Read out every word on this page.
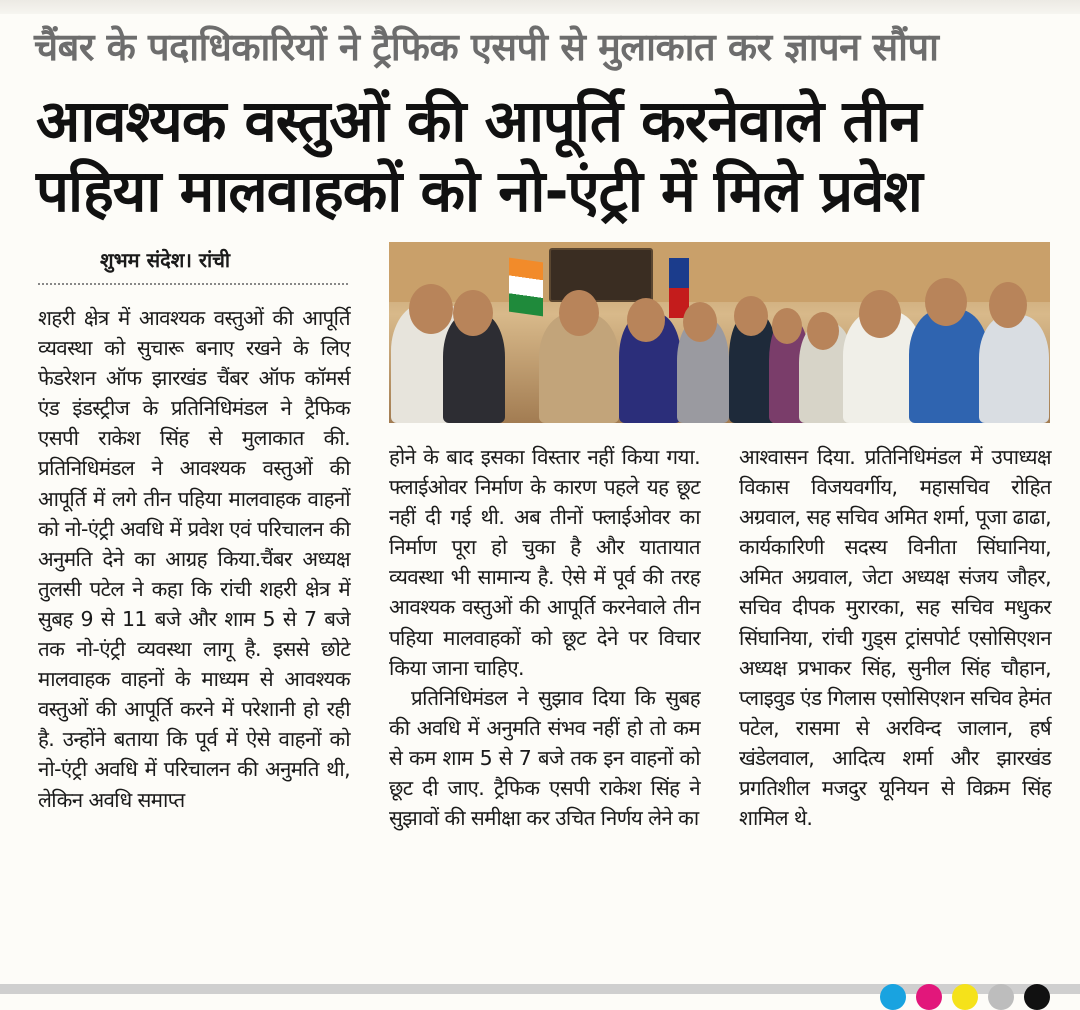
चैंबर के पदाधिकारियों ने ट्रैफिक एसपी से मुलाकात कर ज्ञापन सौंपा
आवश्यक वस्तुओं की आपूर्ति करनेवाले तीन
पहिया मालवाहकों को नो-एंट्री में मिले प्रवेश
शुभम संदेश। रांची

शहरी क्षेत्र में आवश्यक वस्तुओं की आपूर्ति व्यवस्था को सुचारू बनाए रखने के लिए फेडरेशन ऑफ झारखंड चैंबर ऑफ कॉमर्स एंड इंडस्ट्रीज के प्रतिनिधिमंडल ने ट्रैफिक एसपी राकेश सिंह से मुलाकात की. प्रतिनिधिमंडल ने आवश्यक वस्तुओं की आपूर्ति में लगे तीन पहिया मालवाहक वाहनों को नो-एंट्री अवधि में प्रवेश एवं परिचालन की अनुमति देने का आग्रह किया.चैंबर अध्यक्ष तुलसी पटेल ने कहा कि रांची शहरी क्षेत्र में सुबह 9 से 11 बजे और शाम 5 से 7 बजे तक नो-एंट्री व्यवस्था लागू है. इससे छोटे मालवाहक वाहनों के माध्यम से आवश्यक वस्तुओं की आपूर्ति करने में परेशानी हो रही है. उन्होंने बताया कि पूर्व में ऐसे वाहनों को नो-एंट्री अवधि में परिचालन की अनुमति थी, लेकिन अवधि समाप्त

होने के बाद इसका विस्तार नहीं किया गया. फ्लाईओवर निर्माण के कारण पहले यह छूट नहीं दी गई थी. अब तीनों फ्लाईओवर का निर्माण पूरा हो चुका है और यातायात व्यवस्था भी सामान्य है. ऐसे में पूर्व की तरह आवश्यक वस्तुओं की आपूर्ति करनेवाले तीन पहिया मालवाहकों को छूट देने पर विचार किया जाना चाहिए.

प्रतिनिधिमंडल ने सुझाव दिया कि सुबह की अवधि में अनुमति संभव नहीं हो तो कम से कम शाम 5 से 7 बजे तक इन वाहनों को छूट दी जाए. ट्रैफिक एसपी राकेश सिंह ने सुझावों की समीक्षा कर उचित निर्णय लेने का

आश्वासन दिया. प्रतिनिधिमंडल में उपाध्यक्ष विकास विजयवर्गीय, महासचिव रोहित अग्रवाल, सह सचिव अमित शर्मा, पूजा ढाढा, कार्यकारिणी सदस्य विनीता सिंघानिया, अमित अग्रवाल, जेटा अध्यक्ष संजय जौहर, सचिव दीपक मुरारका, सह सचिव मधुकर सिंघानिया, रांची गुड्स ट्रांसपोर्ट एसोसिएशन अध्यक्ष प्रभाकर सिंह, सुनील सिंह चौहान, प्लाइवुड एंड गिलास एसोसिएशन सचिव हेमंत पटेल, रासमा से अरविन्द जालान, हर्ष खंडेलवाल, आदित्य शर्मा और झारखंड प्रगतिशील मजदुर यूनियन से विक्रम सिंह शामिल थे.
